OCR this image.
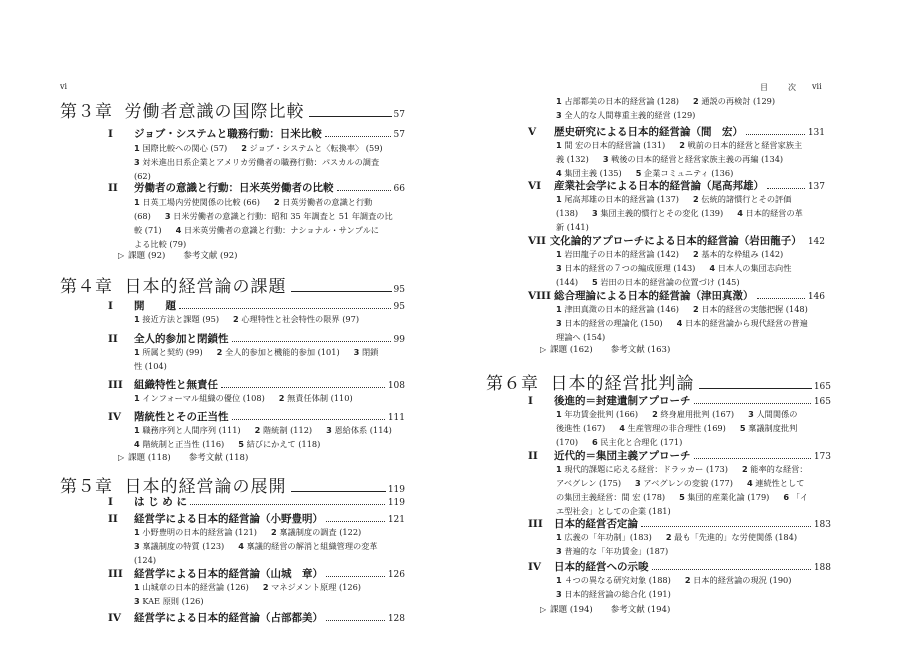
vi
第３章 労働者意識の国際比較	57
I	ジョブ・システムと職務行動：日米比較	57
1 国際比較への関心 (57) 2 ジョブ・システムと〈転換率〉 (59)
3 対米進出日系企業とアメリカ労働者の職務行動：パスカルの調査
(62)
II	労働者の意識と行動：日米英労働者の比較	66
1 日英工場内労使関係の比較 (66) 2 日英労働者の意識と行動
(68) 3 日米労働者の意識と行動：昭和 35 年調査と 51 年調査の比
較 (71) 4 日米英労働者の意識と行動：ナショナル・サンプルに
よる比較 (79)
▷ 課題 (92) 参考文献 (92)
第４章 日本的経営論の課題	95
I	開　　題	95
1 接近方法と課題 (95) 2 心理特性と社会特性の限界 (97)
II	全人的参加と閉鎖性	99
1 所属と契約 (99) 2 全人的参加と機能的参加 (101) 3 閉鎖
性 (104)
III	組織特性と無責任	108
1 インフォーマル組織の優位 (108) 2 無責任体制 (110)
IV	階統性とその正当性	111
1 職務序列と人間序列 (111) 2 階統制 (112) 3 恩給体系 (114)
4 階統制と正当性 (116) 5 結びにかえて (118)
▷ 課題 (118) 参考文献 (118)
第５章 日本的経営論の展開	119
I	は じ め に	119
II	経営学による日本的経営論（小野豊明）	121
1 小野豊明の日本的経営論 (121) 2 稟議制度の調査 (122)
3 稟議制度の特質 (123) 4 稟議的経営の解消と組織管理の変革
(124)
III	経営学による日本的経営論（山城　章）	126
1 山城章の日本的経営論 (126) 2 マネジメント原理 (126)
3 KAE 原則 (126)
IV	経営学による日本的経営論（占部都美）	128
目　次 vii
1 占部都美の日本的経営論 (128) 2 通説の再検討 (129)
3 全人的な人間尊重主義的経営 (129)
V	歴史研究による日本的経営論（間　宏）	131
1 間 宏の日本的経営論 (131) 2 戦前の日本的経営と経営家族主
義 (132) 3 戦後の日本的経営と経営家族主義の再編 (134)
4 集団主義 (135) 5 企業コミュニティ (136)
VI	産業社会学による日本的経営論（尾高邦雄）	137
1 尾高邦雄の日本的経営論 (137) 2 伝統的諸慣行とその評価
(138) 3 集団主義的慣行とその変化 (139) 4 日本的経営の革
新 (141)
VII 文化論的アプローチによる日本的経営論（岩田龍子） 142
1 岩田龍子の日本的経営論 (142) 2 基本的な枠組み (142)
3 日本的経営の７つの編成原理 (143) 4 日本人の集団志向性
(144) 5 岩田の日本的経営論の位置づけ (145)
VIII 総合理論による日本的経営論（津田真澂）	146
1 津田真澂の日本的経営論 (146) 2 日本的経営の実態把握 (148)
3 日本的経営の理論化 (150) 4 日本的経営論から現代経営の普遍
理論へ (154)
▷ 課題 (162) 参考文献 (163)
第６章 日本的経営批判論	165
I	後進的＝封建遺制アプローチ	165
1 年功賃金批判 (166) 2 終身雇用批判 (167) 3 人間関係の
後進性 (167) 4 生産管理の非合理性 (169) 5 稟議制度批判
(170) 6 民主化と合理化 (171)
II	近代的＝集団主義アプローチ	173
1 現代的課題に応える経営：ドラッカー (173) 2 能率的な経営：
アベグレン (175) 3 アベグレンの変貌 (177) 4 連続性として
の集団主義経営：間 宏 (178) 5 集団的産業化論 (179) 6 「イ
エ型社会」としての企業 (181)
III	日本的経営否定論	183
1 広義の「年功制」(183) 2 最も「先進的」な労使関係 (184)
3 普遍的な「年功賃金」(187)
IV	日本的経営への示唆	188
1 ４つの異なる研究対象 (188) 2 日本的経営論の現況 (190)
3 日本的経営論の総合化 (191)
▷ 課題 (194) 参考文献 (194)
